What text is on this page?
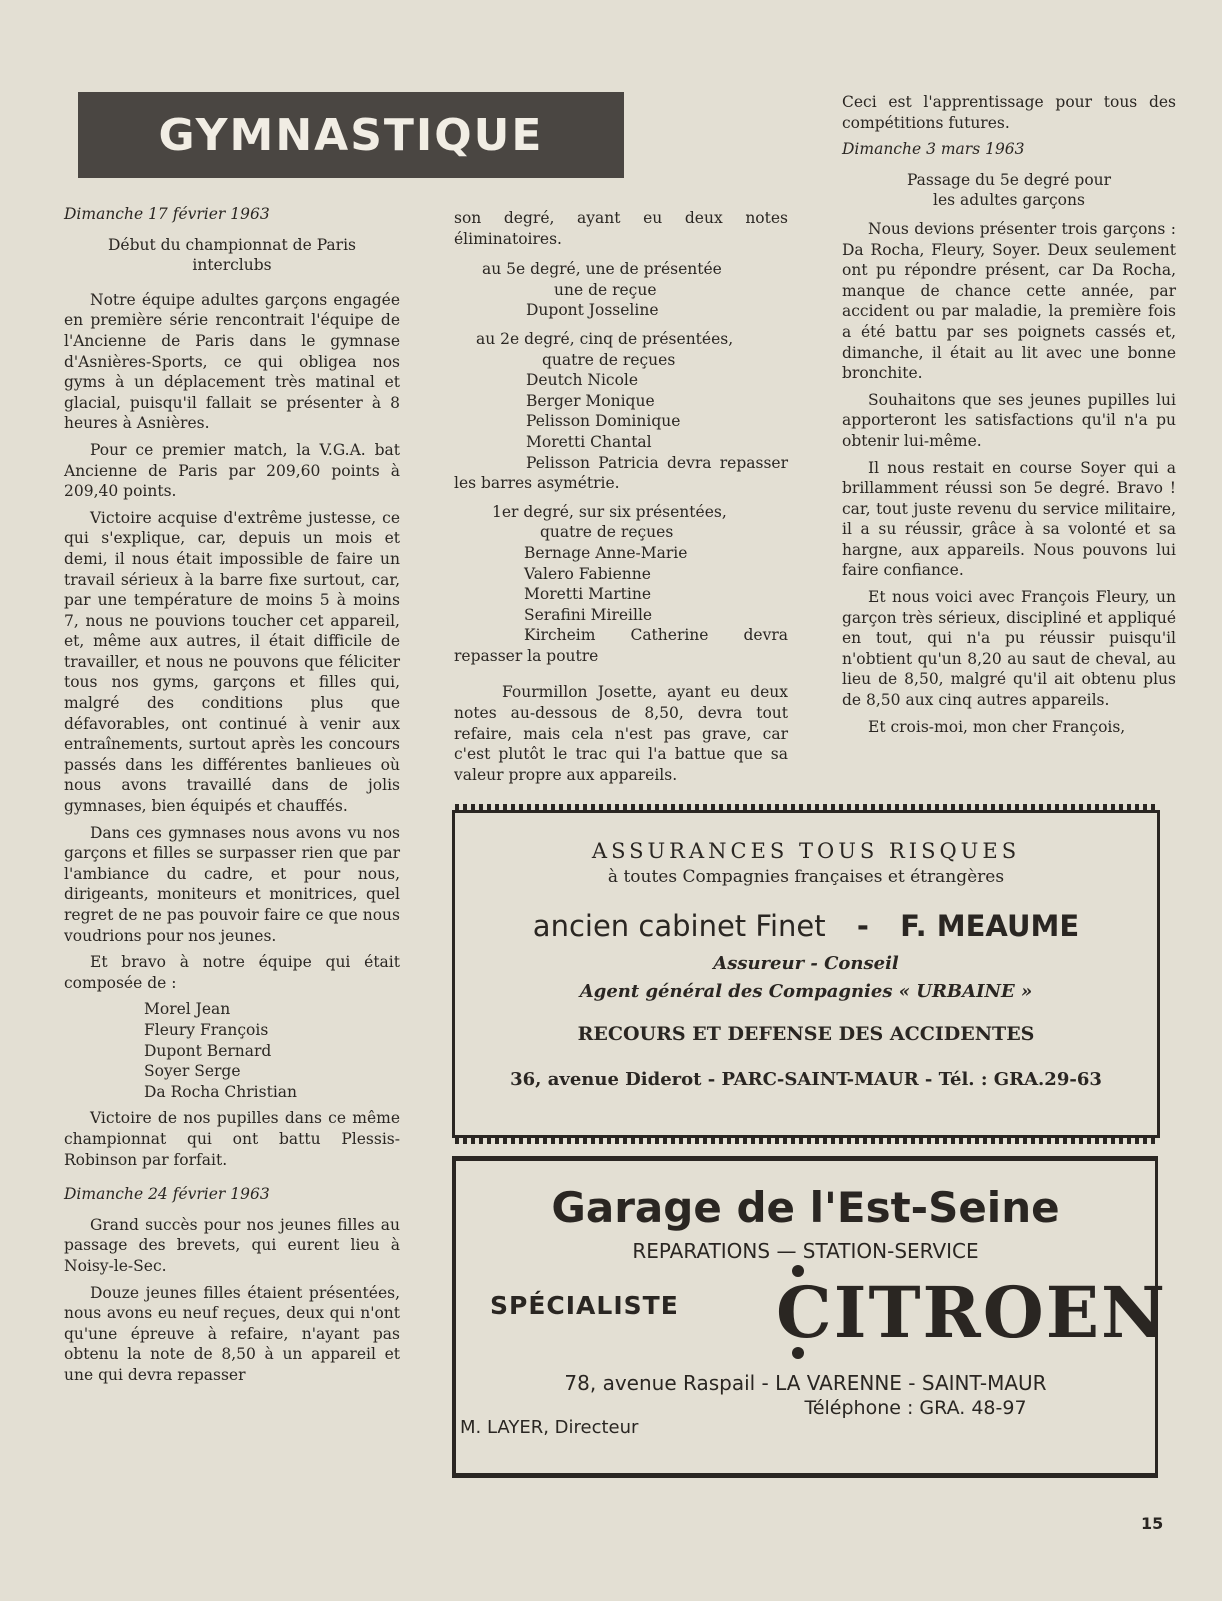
GYMNASTIQUE

Dimanche 17 février 1963

Début du championnat de Paris interclubs

Notre équipe adultes garçons engagée en première série rencontrait l'équipe de l'Ancienne de Paris dans le gymnase d'Asnières-Sports, ce qui obligea nos gyms à un déplacement très matinal et glacial, puisqu'il fallait se présenter à 8 heures à Asnières.

Pour ce premier match, la V.G.A. bat Ancienne de Paris par 209,60 points à 209,40 points.

Victoire acquise d'extrême justesse, ce qui s'explique, car, depuis un mois et demi, il nous était impossible de faire un travail sérieux à la barre fixe surtout, car, par une température de moins 5 à moins 7, nous ne pouvions toucher cet appareil, et, même aux autres, il était difficile de travailler, et nous ne pouvons que féliciter tous nos gyms, garçons et filles qui, malgré des conditions plus que défavorables, ont continué à venir aux entraînements, surtout après les concours passés dans les différentes banlieues où nous avons travaillé dans de jolis gymnases, bien équipés et chauffés.

Dans ces gymnases nous avons vu nos garçons et filles se surpasser rien que par l'ambiance du cadre, et pour nous, dirigeants, moniteurs et monitrices, quel regret de ne pas pouvoir faire ce que nous voudrions pour nos jeunes.

Et bravo à notre équipe qui était composée de :

Morel Jean

Fleury François

Dupont Bernard

Soyer Serge

Da Rocha Christian

Victoire de nos pupilles dans ce même championnat qui ont battu Plessis-Robinson par forfait.

Dimanche 24 février 1963

Grand succès pour nos jeunes filles au passage des brevets, qui eurent lieu à Noisy-le-Sec.

Douze jeunes filles étaient présentées, nous avons eu neuf reçues, deux qui n'ont qu'une épreuve à refaire, n'ayant pas obtenu la note de 8,50 à un appareil et une qui devra repasser

son degré, ayant eu deux notes éliminatoires.

au 5e degré, une de présentée

une de reçue

Dupont Josseline

au 2e degré, cinq de présentées,

quatre de reçues

Deutch Nicole

Berger Monique

Pelisson Dominique

Moretti Chantal

Pelisson Patricia devra repasser les barres asymétrie.

1er degré, sur six présentées,

quatre de reçues

Bernage Anne-Marie

Valero Fabienne

Moretti Martine

Serafini Mireille

Kircheim Catherine devra repasser la poutre

Fourmillon Josette, ayant eu deux notes au-dessous de 8,50, devra tout refaire, mais cela n'est pas grave, car c'est plutôt le trac qui l'a battue que sa valeur propre aux appareils.

Ceci est l'apprentissage pour tous des compétitions futures.

Dimanche 3 mars 1963

Passage du 5e degré pour les adultes garçons

Nous devions présenter trois garçons : Da Rocha, Fleury, Soyer. Deux seulement ont pu répondre présent, car Da Rocha, manque de chance cette année, par accident ou par maladie, la première fois a été battu par ses poignets cassés et, dimanche, il était au lit avec une bonne bronchite.

Souhaitons que ses jeunes pupilles lui apporteront les satisfactions qu'il n'a pu obtenir lui-même.

Il nous restait en course Soyer qui a brillamment réussi son 5e degré. Bravo ! car, tout juste revenu du service militaire, il a su réussir, grâce à sa volonté et sa hargne, aux appareils. Nous pouvons lui faire confiance.

Et nous voici avec François Fleury, un garçon très sérieux, discipliné et appliqué en tout, qui n'a pu réussir puisqu'il n'obtient qu'un 8,20 au saut de cheval, au lieu de 8,50, malgré qu'il ait obtenu plus de 8,50 aux cinq autres appareils.

Et crois-moi, mon cher François,

ASSURANCES TOUS RISQUES
à toutes Compagnies françaises et étrangères
ancien cabinet Finet - F. MEAUME
Assureur - Conseil
Agent général des Compagnies « URBAINE »
RECOURS ET DEFENSE DES ACCIDENTES
36, avenue Diderot - PARC-SAINT-MAUR - Tél. : GRA.29-63
Garage de l'Est-Seine
REPARATIONS — STATION-SERVICE
SPÉCIALISTE	CITROEN
78, avenue Raspail - LA VARENNE - SAINT-MAUR
Téléphone : GRA. 48-97
M. LAYER, Directeur
15
